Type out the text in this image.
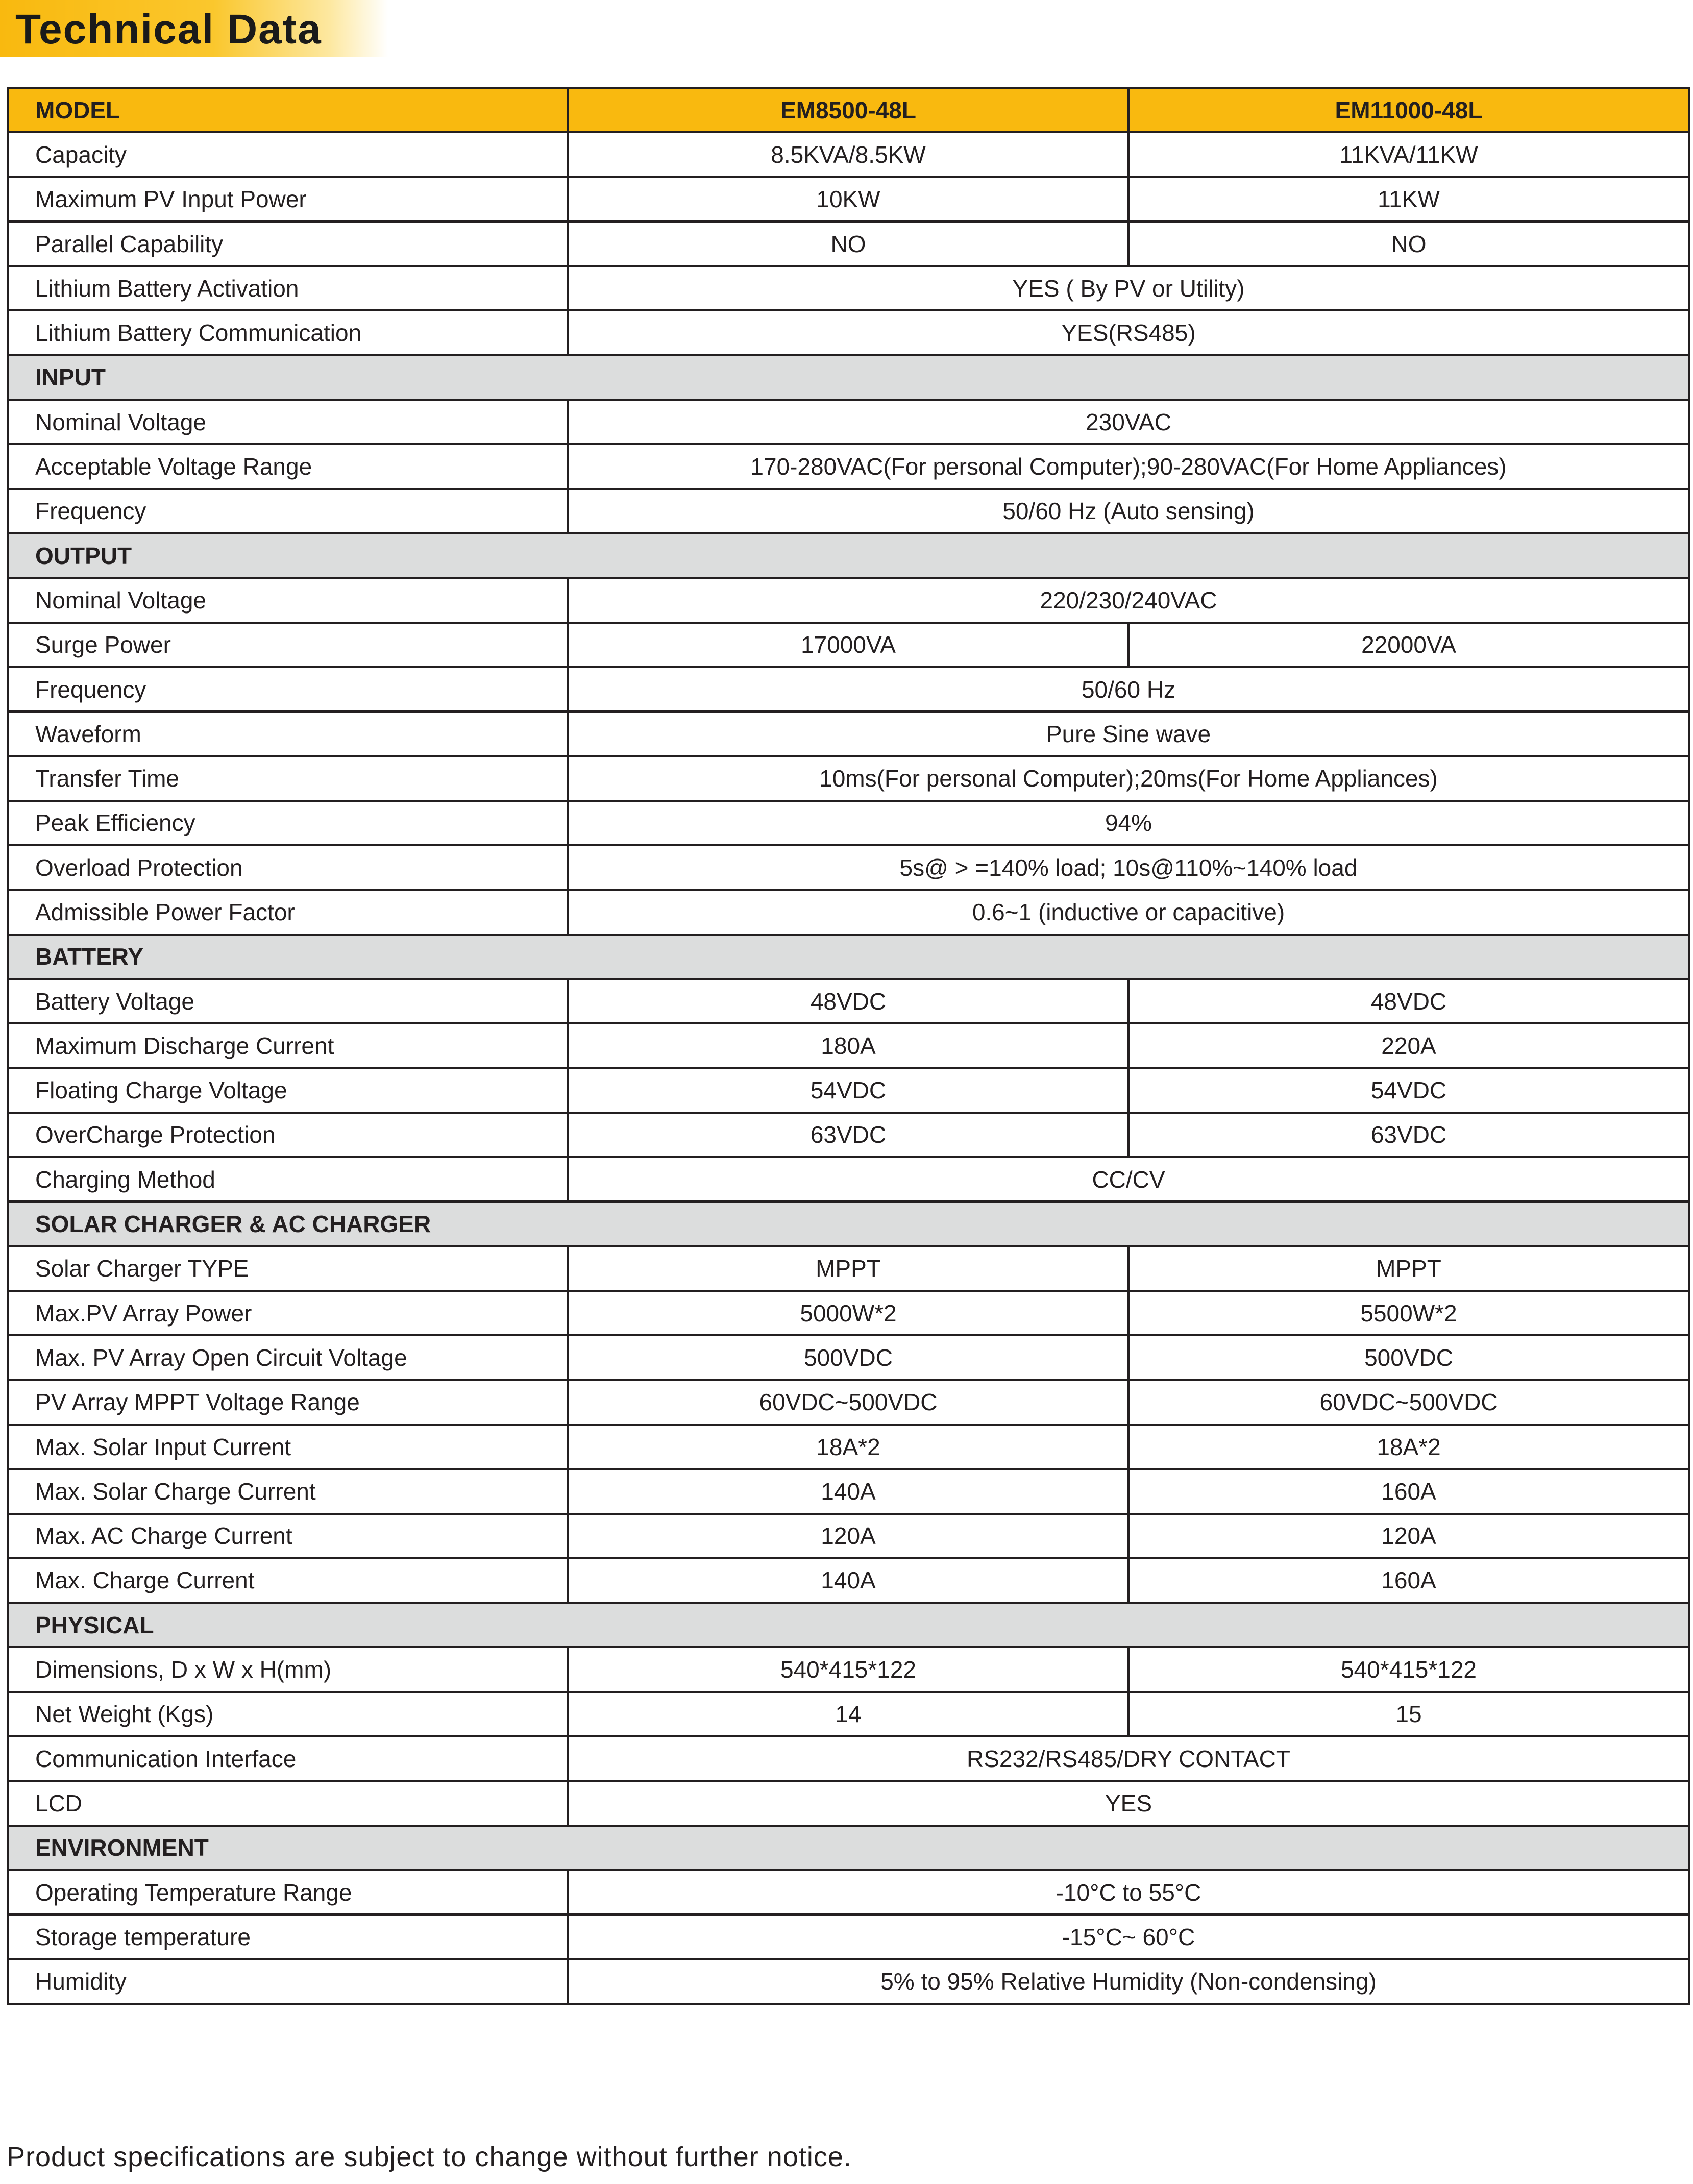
Technical Data
MODEL	EM8500-48L	EM11000-48L
Capacity	8.5KVA/8.5KW	11KVA/11KW
Maximum PV Input Power	10KW	11KW
Parallel Capability	NO	NO
Lithium Battery Activation	YES ( By PV or Utility)	
Lithium Battery Communication	YES(RS485)	
INPUT		
Nominal Voltage	230VAC	
Acceptable Voltage Range	170-280VAC(For personal Computer);90-280VAC(For Home Appliances)	
Frequency	50/60 Hz (Auto sensing)	
OUTPUT		
Nominal Voltage	220/230/240VAC	
Surge Power	17000VA	22000VA
Frequency	50/60 Hz	
Waveform	Pure Sine wave	
Transfer Time	10ms(For personal Computer);20ms(For Home Appliances)	
Peak Efficiency	94%	
Overload Protection	5s@ > =140% load; 10s@110%~140% load	
Admissible Power Factor	0.6~1 (inductive or capacitive)	
BATTERY		
Battery Voltage	48VDC	48VDC
Maximum Discharge Current	180A	220A
Floating Charge Voltage	54VDC	54VDC
OverCharge Protection	63VDC	63VDC
Charging Method	CC/CV	
SOLAR CHARGER & AC CHARGER		
Solar Charger TYPE	MPPT	MPPT
Max.PV Array Power	5000W*2	5500W*2
Max. PV Array Open Circuit Voltage	500VDC	500VDC
PV Array MPPT Voltage Range	60VDC~500VDC	60VDC~500VDC
Max. Solar Input Current	18A*2	18A*2
Max. Solar Charge Current	140A	160A
Max. AC Charge Current	120A	120A
Max. Charge Current	140A	160A
PHYSICAL		
Dimensions, D x W x H(mm)	540*415*122	540*415*122
Net Weight (Kgs)	14	15
Communication Interface	RS232/RS485/DRY CONTACT	
LCD	YES	
ENVIRONMENT		
Operating Temperature Range	-10°C to 55°C	
Storage temperature	-15°C~ 60°C	
Humidity	5% to 95% Relative Humidity (Non-condensing)	
Product specifications are subject to change without further notice.
